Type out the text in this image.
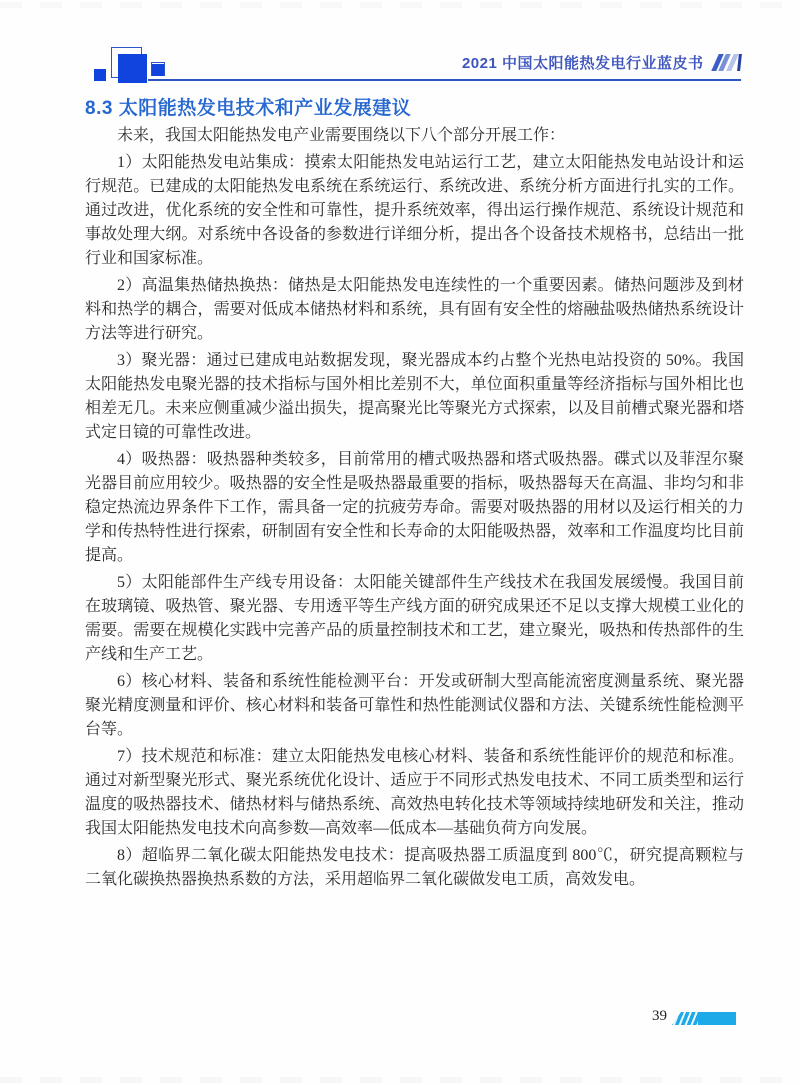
2021 中国太阳能热发电行业蓝皮书
8.3 太阳能热发电技术和产业发展建议

未来，我国太阳能热发电产业需要围绕以下八个部分开展工作：

1）太阳能热发电站集成：摸索太阳能热发电站运行工艺，建立太阳能热发电站设计和运行规范。已建成的太阳能热发电系统在系统运行、系统改进、系统分析方面进行扎实的工作。通过改进，优化系统的安全性和可靠性，提升系统效率，得出运行操作规范、系统设计规范和事故处理大纲。对系统中各设备的参数进行详细分析，提出各个设备技术规格书，总结出一批行业和国家标准。

2）高温集热储热换热：储热是太阳能热发电连续性的一个重要因素。储热问题涉及到材料和热学的耦合，需要对低成本储热材料和系统，具有固有安全性的熔融盐吸热储热系统设计方法等进行研究。

3）聚光器：通过已建成电站数据发现，聚光器成本约占整个光热电站投资的 50%。我国太阳能热发电聚光器的技术指标与国外相比差别不大，单位面积重量等经济指标与国外相比也相差无几。未来应侧重减少溢出损失，提高聚光比等聚光方式探索，以及目前槽式聚光器和塔式定日镜的可靠性改进。

4）吸热器：吸热器种类较多，目前常用的槽式吸热器和塔式吸热器。碟式以及菲涅尔聚光器目前应用较少。吸热器的安全性是吸热器最重要的指标，吸热器每天在高温、非均匀和非稳定热流边界条件下工作，需具备一定的抗疲劳寿命。需要对吸热器的用材以及运行相关的力学和传热特性进行探索，研制固有安全性和长寿命的太阳能吸热器，效率和工作温度均比目前提高。

5）太阳能部件生产线专用设备：太阳能关键部件生产线技术在我国发展缓慢。我国目前在玻璃镜、吸热管、聚光器、专用透平等生产线方面的研究成果还不足以支撑大规模工业化的需要。需要在规模化实践中完善产品的质量控制技术和工艺，建立聚光，吸热和传热部件的生产线和生产工艺。

6）核心材料、装备和系统性能检测平台：开发或研制大型高能流密度测量系统、聚光器聚光精度测量和评价、核心材料和装备可靠性和热性能测试仪器和方法、关键系统性能检测平台等。

7）技术规范和标准：建立太阳能热发电核心材料、装备和系统性能评价的规范和标准。通过对新型聚光形式、聚光系统优化设计、适应于不同形式热发电技术、不同工质类型和运行温度的吸热器技术、储热材料与储热系统、高效热电转化技术等领域持续地研发和关注，推动我国太阳能热发电技术向高参数—高效率—低成本—基础负荷方向发展。

8）超临界二氧化碳太阳能热发电技术：提高吸热器工质温度到 800℃，研究提高颗粒与二氧化碳换热器换热系数的方法，采用超临界二氧化碳做发电工质，高效发电。

39
